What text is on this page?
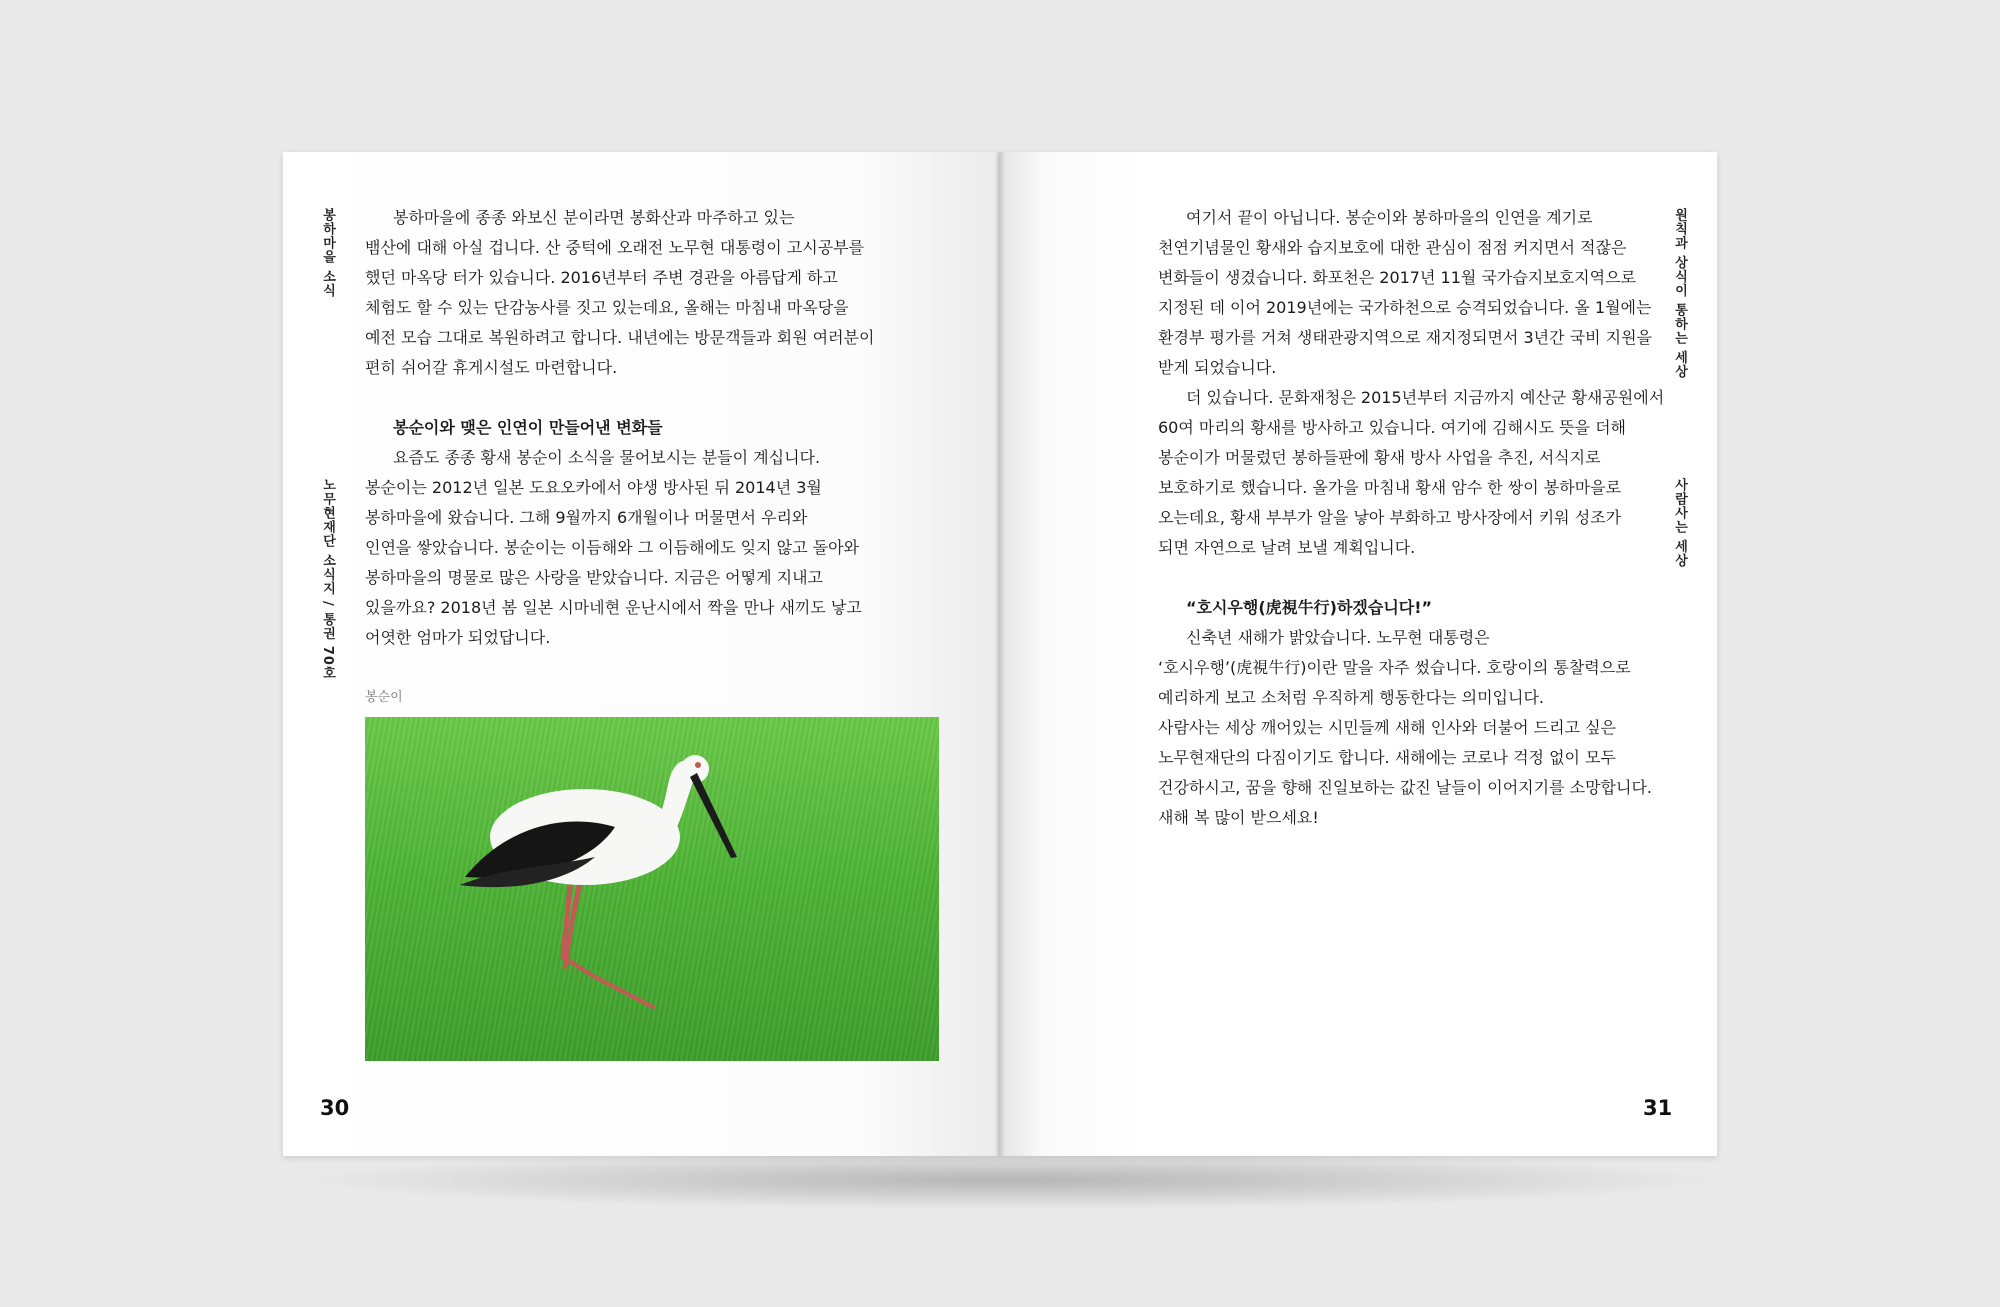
봉하마을 소식
노무현재단 소식지 / 통권 70호

봉하마을에 종종 와보신 분이라면 봉화산과 마주하고 있는

뱀산에 대해 아실 겁니다. 산 중턱에 오래전 노무현 대통령이 고시공부를

했던 마옥당 터가 있습니다. 2016년부터 주변 경관을 아름답게 하고

체험도 할 수 있는 단감농사를 짓고 있는데요, 올해는 마침내 마옥당을

예전 모습 그대로 복원하려고 합니다. 내년에는 방문객들과 회원 여러분이

편히 쉬어갈 휴게시설도 마련합니다.

봉순이와 맺은 인연이 만들어낸 변화들

요즘도 종종 황새 봉순이 소식을 물어보시는 분들이 계십니다.

봉순이는 2012년 일본 도요오카에서 야생 방사된 뒤 2014년 3월

봉하마을에 왔습니다. 그해 9월까지 6개월이나 머물면서 우리와

인연을 쌓았습니다. 봉순이는 이듬해와 그 이듬해에도 잊지 않고 돌아와

봉하마을의 명물로 많은 사랑을 받았습니다. 지금은 어떻게 지내고

있을까요? 2018년 봄 일본 시마네현 운난시에서 짝을 만나 새끼도 낳고

어엿한 엄마가 되었답니다.

봉순이
30
원칙과 상식이 통하는 세상
사람사는 세상

여기서 끝이 아닙니다. 봉순이와 봉하마을의 인연을 계기로

천연기념물인 황새와 습지보호에 대한 관심이 점점 커지면서 적잖은

변화들이 생겼습니다. 화포천은 2017년 11월 국가습지보호지역으로

지정된 데 이어 2019년에는 국가하천으로 승격되었습니다. 올 1월에는

환경부 평가를 거쳐 생태관광지역으로 재지정되면서 3년간 국비 지원을

받게 되었습니다.

더 있습니다. 문화재청은 2015년부터 지금까지 예산군 황새공원에서

60여 마리의 황새를 방사하고 있습니다. 여기에 김해시도 뜻을 더해

봉순이가 머물렀던 봉하들판에 황새 방사 사업을 추진, 서식지로

보호하기로 했습니다. 올가을 마침내 황새 암수 한 쌍이 봉하마을로

오는데요, 황새 부부가 알을 낳아 부화하고 방사장에서 키워 성조가

되면 자연으로 날려 보낼 계획입니다.

“호시우행(虎視牛行)하겠습니다!”

신축년 새해가 밝았습니다. 노무현 대통령은

‘호시우행’(虎視牛行)이란 말을 자주 썼습니다. 호랑이의 통찰력으로

예리하게 보고 소처럼 우직하게 행동한다는 의미입니다.

사람사는 세상 깨어있는 시민들께 새해 인사와 더불어 드리고 싶은

노무현재단의 다짐이기도 합니다. 새해에는 코로나 걱정 없이 모두

건강하시고, 꿈을 향해 진일보하는 값진 날들이 이어지기를 소망합니다.

새해 복 많이 받으세요!

31
